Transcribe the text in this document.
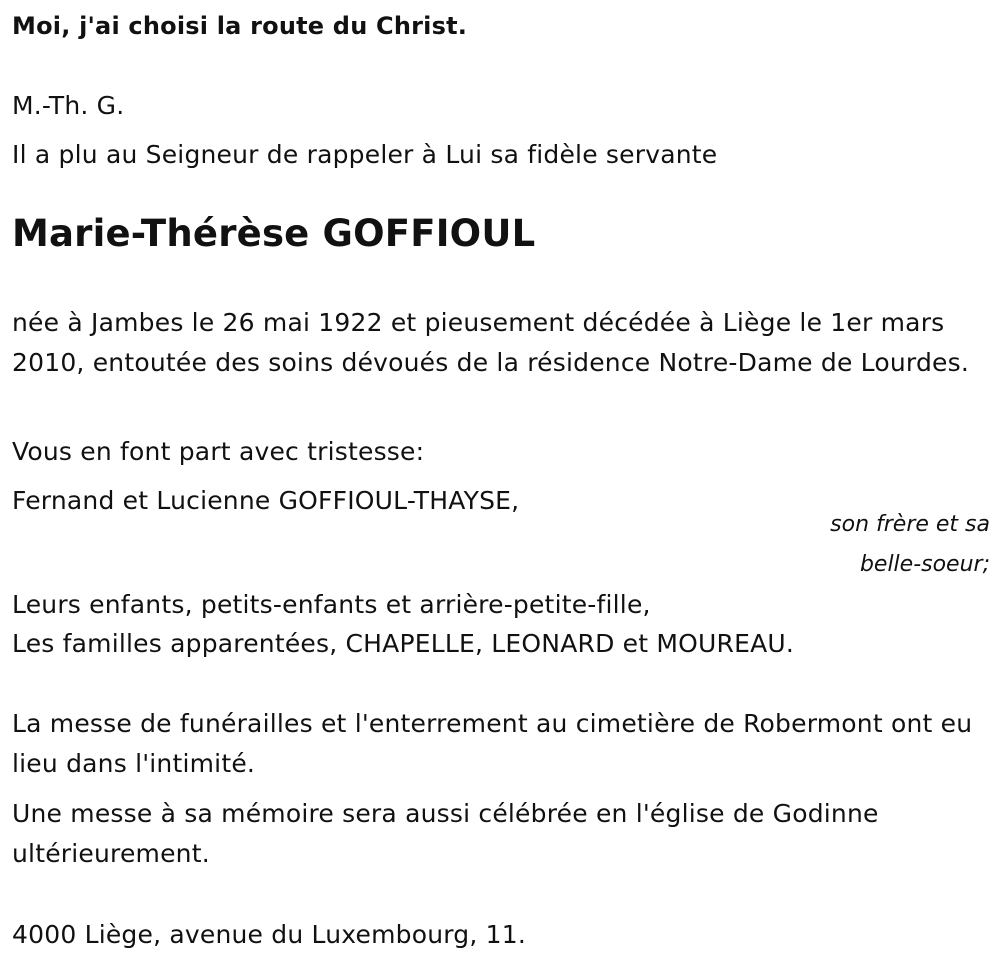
Moi, j'ai choisi la route du Christ.
M.-Th. G.
Il a plu au Seigneur de rappeler à Lui sa fidèle servante
Marie-Thérèse GOFFIOUL
née à Jambes le 26 mai 1922 et pieusement décédée à Liège le 1er mars 2010, entoutée des soins dévoués de la résidence Notre-Dame de Lourdes.
Vous en font part avec tristesse:
Fernand et Lucienne GOFFIOUL-THAYSE,
son frère et sa
belle-soeur;
Leurs enfants, petits-enfants et arrière-petite-fille,
Les familles apparentées, CHAPELLE, LEONARD et MOUREAU.
La messe de funérailles et l'enterrement au cimetière de Robermont ont eu lieu dans l'intimité.
Une messe à sa mémoire sera aussi célébrée en l'église de Godinne ultérieurement.
4000 Liège, avenue du Luxembourg, 11.
